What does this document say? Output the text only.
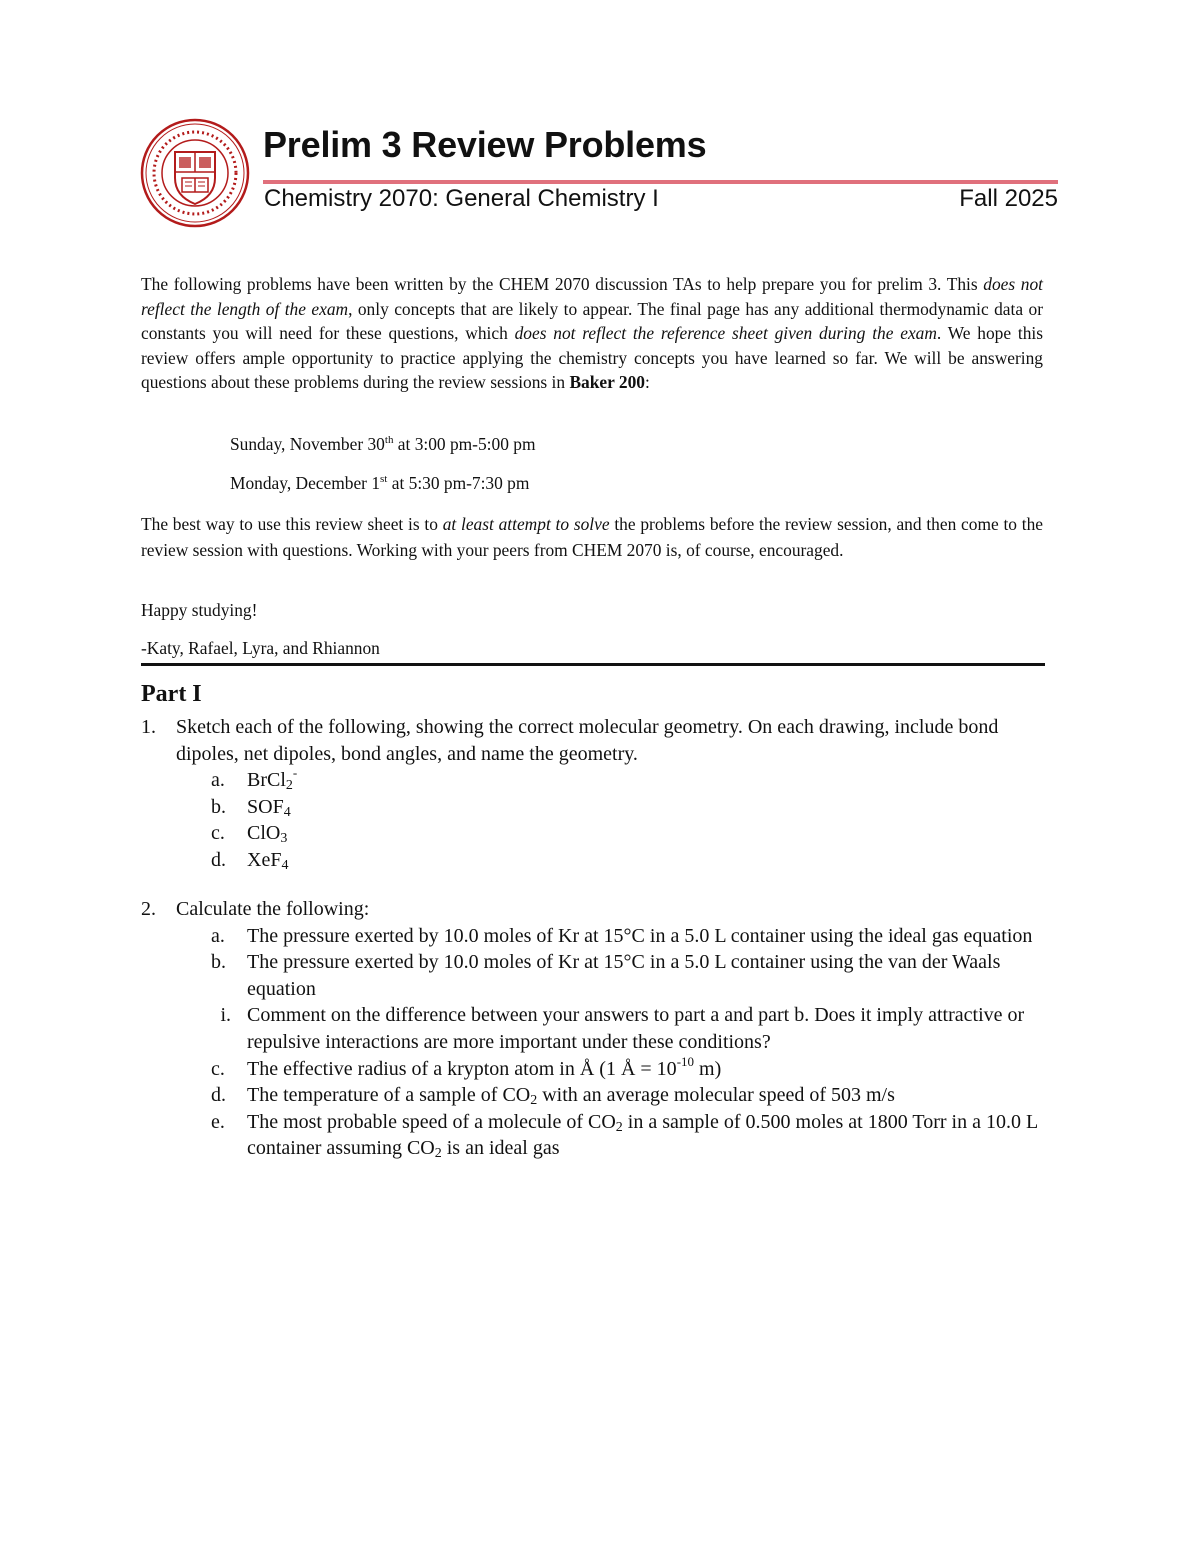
Prelim 3 Review Problems
Chemistry 2070: General Chemistry I	Fall 2025

The following problems have been written by the CHEM 2070 discussion TAs to help prepare you for prelim 3. This does not reflect the length of the exam, only concepts that are likely to appear. The final page has any additional thermodynamic data or constants you will need for these questions, which does not reflect the reference sheet given during the exam. We hope this review offers ample opportunity to practice applying the chemistry concepts you have learned so far. We will be answering questions about these problems during the review sessions in Baker 200:

Sunday, November 30th at 3:00 pm-5:00 pm

Monday, December 1st at 5:30 pm-7:30 pm

The best way to use this review sheet is to at least attempt to solve the problems before the review session, and then come to the review session with questions. Working with your peers from CHEM 2070 is, of course, encouraged.

Happy studying!

-Katy, Rafael, Lyra, and Rhiannon

Part I
1. Sketch each of the following, showing the correct molecular geometry. On each drawing, include bond dipoles, net dipoles, bond angles, and name the geometry.
a.	BrCl$_2$-
b.	$SOF_4$
c.	ClO$_3$
d.	XeF$_4$
2. Calculate the following:
a.	The pressure exerted by 10.0 moles of Kr at 15°C in a 5.0 L container using the ideal gas equation
b.	The pressure exerted by 10.0 moles of Kr at 15°C in a 5.0 L container using the van der Waals equation
i. Comment on the difference between your answers to part a and part b. Does it imply attractive or repulsive interactions are more important under these conditions?
c.	The effective radius of a krypton atom in Å (1 Å = $10^{-10}$ m)
d.	The temperature of a sample of $CO_2$ with an average molecular speed of 503 m/s
e.	The most probable speed of a molecule of $CO_2$ in a sample of 0.500 moles at 1800 Torr in a 10.0 L container assuming $CO_2$ is an ideal gas
